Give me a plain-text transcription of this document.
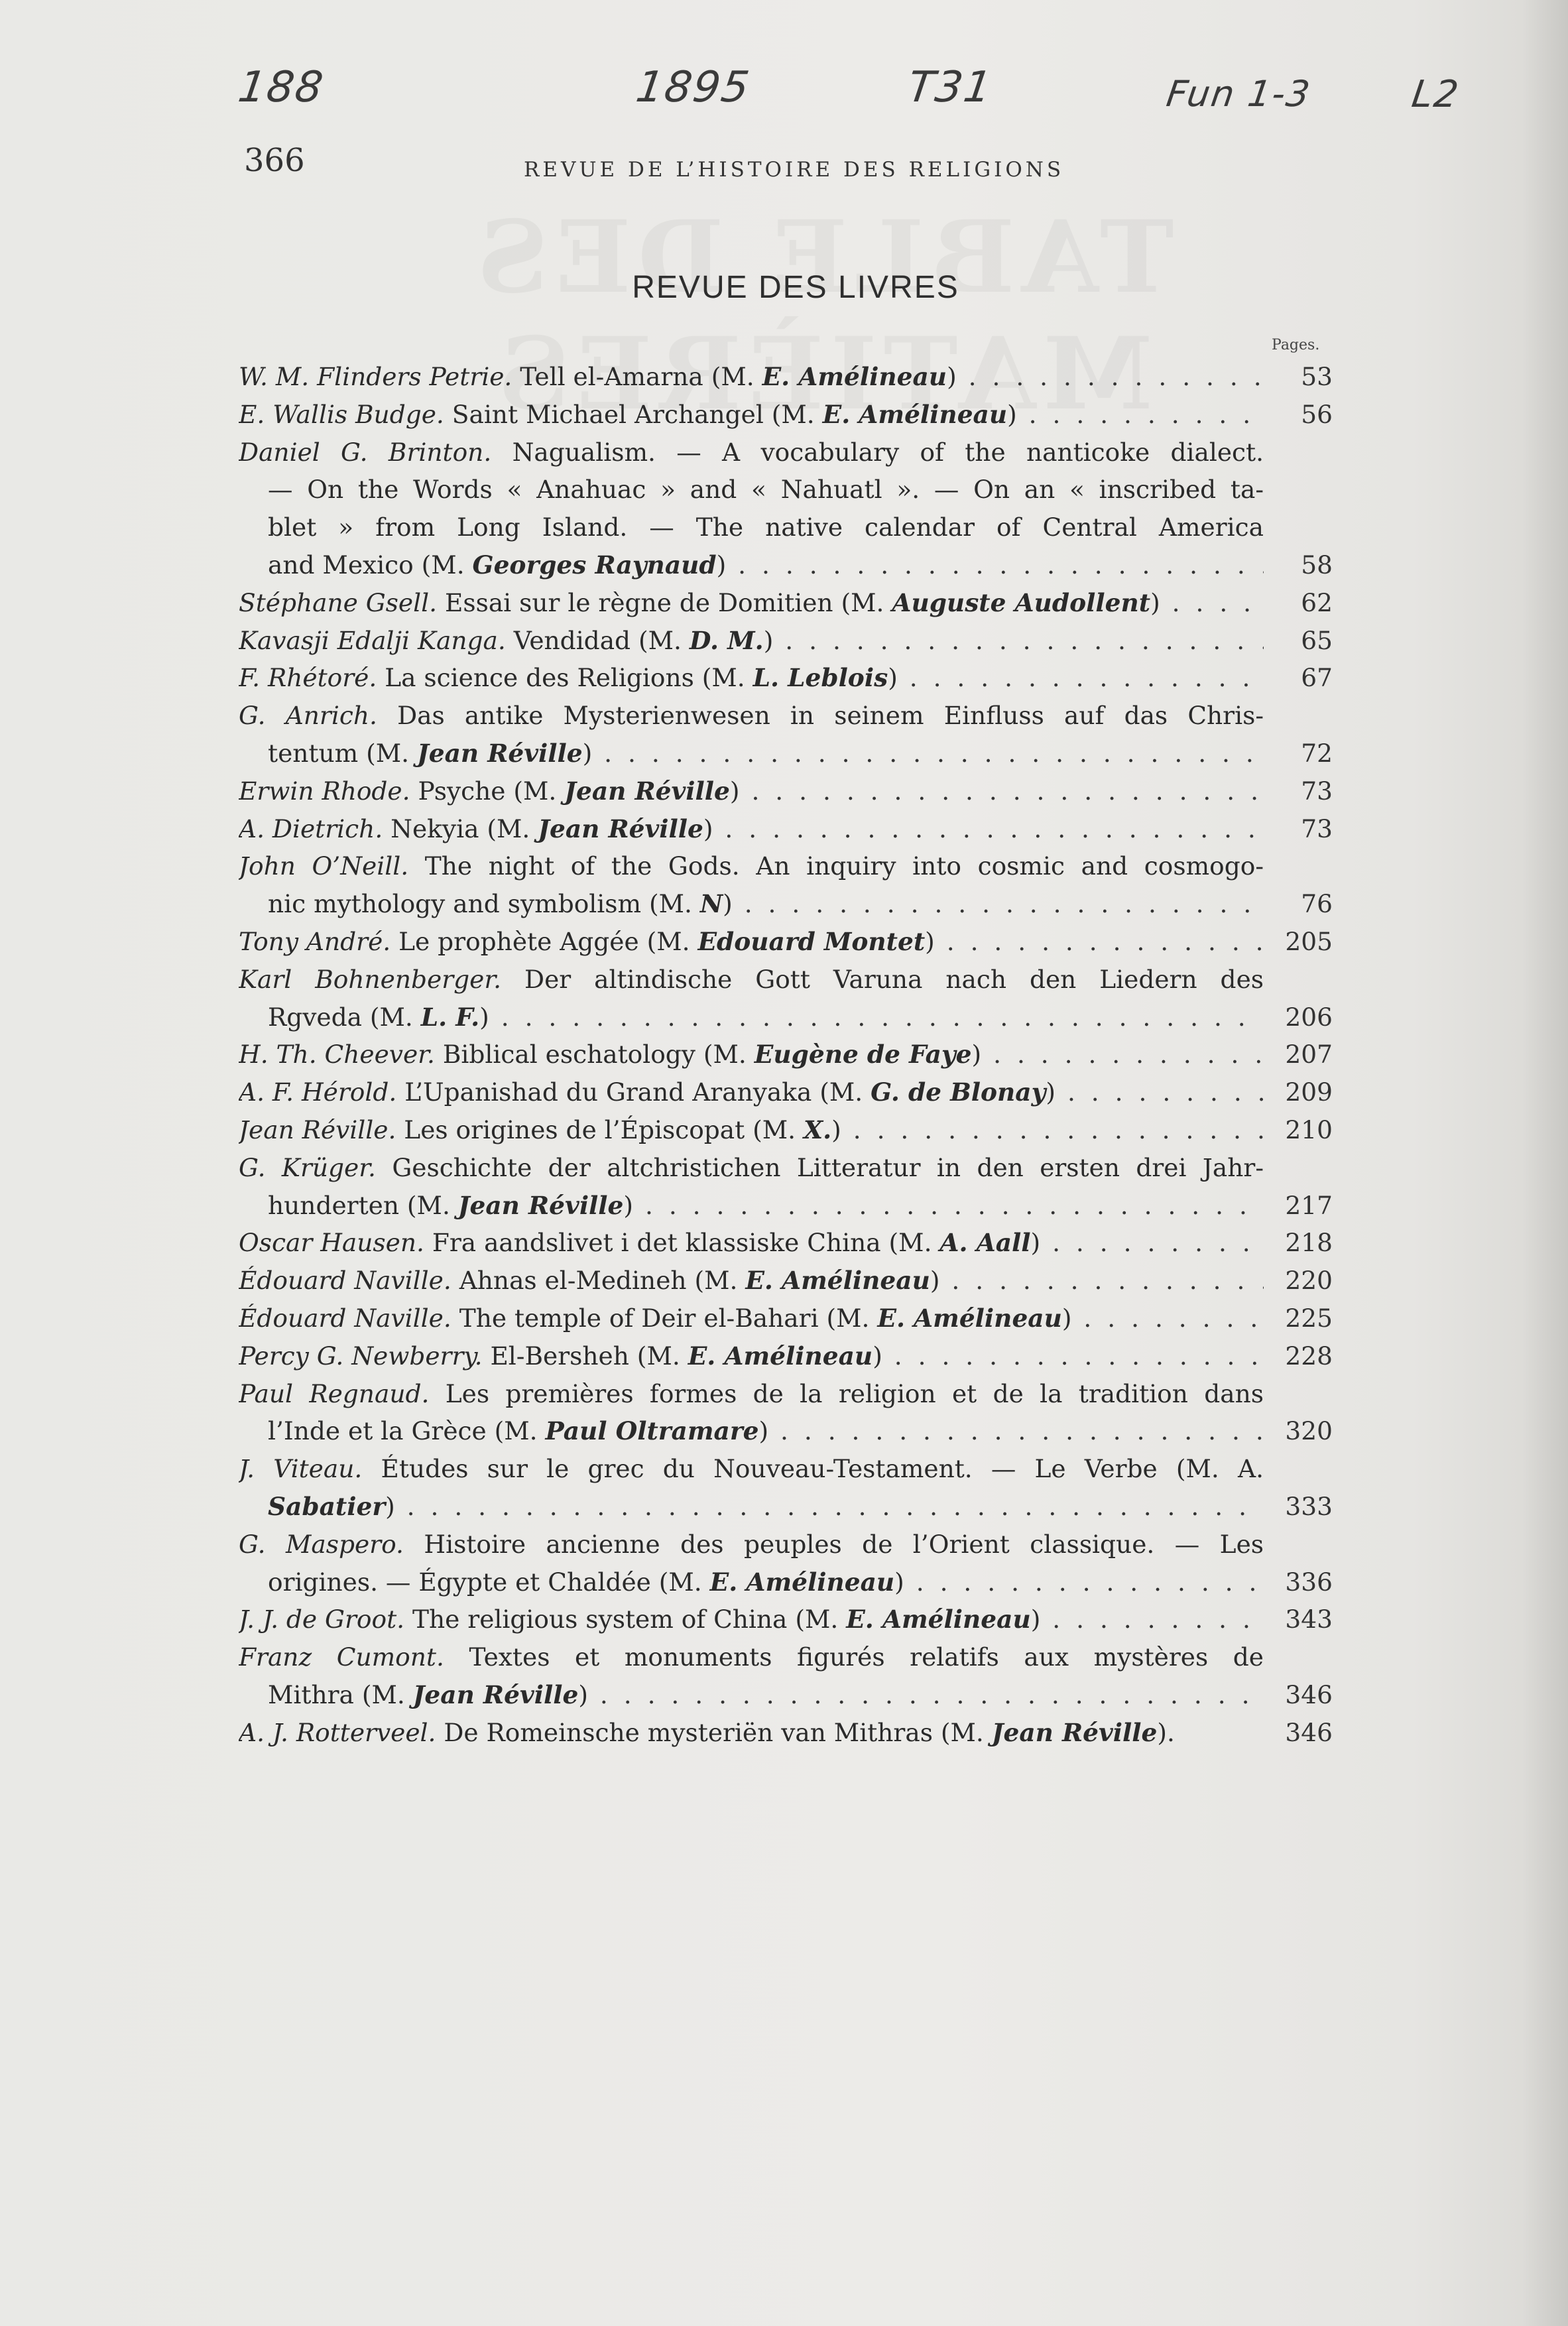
188	1895	T31	Fun 1-3	L2
366	REVUE DE L’HISTOIRE DES RELIGIONS
REVUE DES LIVRES
Pages.
W. M. Flinders Petrie. Tell el-Amarna (M. E. Amélineau) . . .	53
E. Wallis Budge. Saint Michael Archangel (M. E. Amélineau) . . .	56
Daniel G. Brinton. Nagualism. — A vocabulary of the nanticoke dialect.
— On the Words « Anahuac » and « Nahuatl ». — On an « inscribed ta-
blet » from Long Island. — The native calendar of Central America
and Mexico (M. Georges Raynaud) . . .	58
Stéphane Gsell. Essai sur le règne de Domitien (M. Auguste Audollent) . . .	62
Kavasji Edalji Kanga. Vendidad (M. D. M.) . . .	65
F. Rhétoré. La science des Religions (M. L. Leblois) . . .	67
G. Anrich. Das antike Mysterienwesen in seinem Einfluss auf das Chris-
tentum (M. Jean Réville) . . .	72
Erwin Rhode. Psyche (M. Jean Réville) . . .	73
A. Dietrich. Nekyia (M. Jean Réville) . . .	73
John O’Neill. The night of the Gods. An inquiry into cosmic and cosmogo-
nic mythology and symbolism (M. N) . . .	76
Tony André. Le prophète Aggée (M. Edouard Montet) . . .	205
Karl Bohnenberger. Der altindische Gott Varuna nach den Liedern des
Rgveda (M. L. F.) . . .	206
H. Th. Cheever. Biblical eschatology (M. Eugène de Faye) . . .	207
A. F. Hérold. L’Upanishad du Grand Aranyaka (M. G. de Blonay) . . .	209
Jean Réville. Les origines de l’Épiscopat (M. X.) . . .	210
G. Krüger. Geschichte der altchristichen Litteratur in den ersten drei Jahr-
hunderten (M. Jean Réville) . . .	217
Oscar Hausen. Fra aandslivet i det klassiske China (M. A. Aall) . . .	218
Édouard Naville. Ahnas el-Medineh (M. E. Amélineau) . . .	220
Édouard Naville. The temple of Deir el-Bahari (M. E. Amélineau) . . .	225
Percy G. Newberry. El-Bersheh (M. E. Amélineau) . . .	228
Paul Regnaud. Les premières formes de la religion et de la tradition dans
l’Inde et la Grèce (M. Paul Oltramare) . . .	320
J. Viteau. Études sur le grec du Nouveau-Testament. — Le Verbe (M. A.
Sabatier) . . .	333
G. Maspero. Histoire ancienne des peuples de l’Orient classique. — Les
origines. — Égypte et Chaldée (M. E. Amélineau) . . .	336
J. J. de Groot. The religious system of China (M. E. Amélineau) . . .	343
Franz Cumont. Textes et monuments figurés relatifs aux mystères de
Mithra (M. Jean Réville) . . .	346
A. J. Rotterveel. De Romeinsche mysteriën van Mithras (M. Jean Réville).	346
